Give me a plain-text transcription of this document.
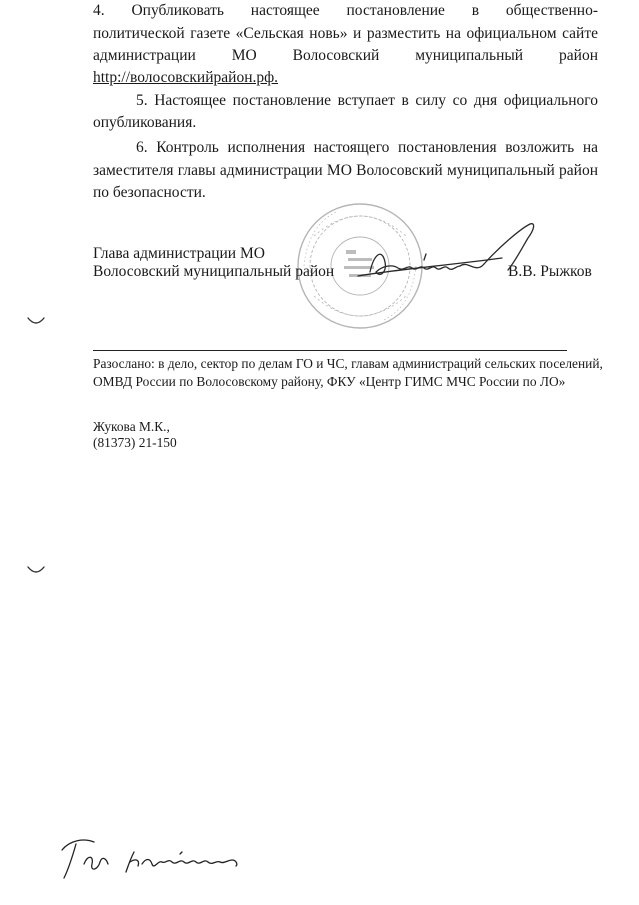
4. Опубликовать настоящее постановление в общественно-
политической газете «Сельская новь» и разместить на официальном сайте
администрации МО Волосовский муниципальный район
http://волосовскийрайон.рф.
5. Настоящее постановление вступает в силу со дня официального
опубликования.
6. Контроль исполнения настоящего постановления возложить на
заместителя главы администрации МО Волосовский муниципальный район
по безопасности.
Глава администрации МО
Волосовский муниципальный район	В.В. Рыжков
Разослано: в дело, сектор по делам ГО и ЧС, главам администраций сельских поселений,
ОМВД России по Волосовскому району, ФКУ «Центр ГИМС МЧС России по ЛО»
Жукова М.К.,
(81373) 21-150
